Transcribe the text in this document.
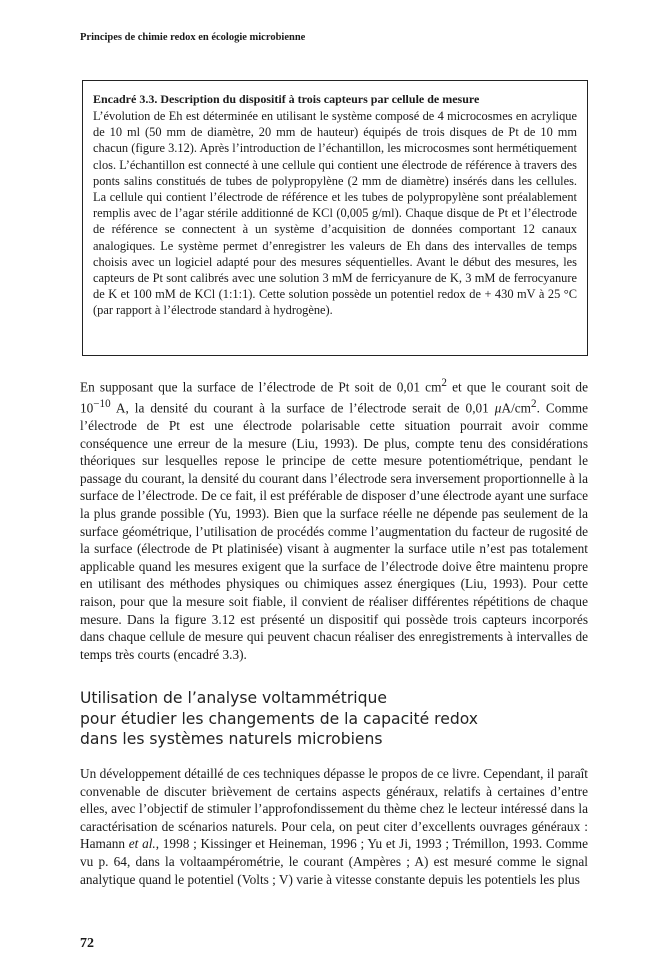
Principes de chimie redox en écologie microbienne
Encadré 3.3. Description du dispositif à trois capteurs par cellule de mesure

L’évolution de Eh est déterminée en utilisant le système composé de 4 microcosmes en acrylique de 10 ml (50 mm de diamètre, 20 mm de hauteur) équipés de trois disques de Pt de 10 mm chacun (figure 3.12). Après l’introduction de l’échantillon, les microcosmes sont hermétiquement clos. L’échantillon est connecté à une cellule qui contient une électrode de référence à travers des ponts salins constitués de tubes de polypropylène (2 mm de diamètre) insérés dans les cellules. La cellule qui contient l’électrode de référence et les tubes de polypropylène sont préalablement remplis avec de l’agar stérile additionné de KCl (0,005 g/ml). Chaque disque de Pt et l’électrode de référence se connectent à un système d’acquisition de données comportant 12 canaux analogiques. Le système permet d’enregistrer les valeurs de Eh dans des intervalles de temps choisis avec un logiciel adapté pour des mesures séquentielles. Avant le début des mesures, les capteurs de Pt sont calibrés avec une solution 3 mM de ferricyanure de K, 3 mM de ferrocyanure de K et 100 mM de KCl (1:1:1). Cette solution possède un potentiel redox de + 430 mV à 25 °C (par rapport à l’électrode standard à hydrogène).

En supposant que la surface de l’électrode de Pt soit de 0,01 $cm^2$ et que le courant soit de $10^{-10}$ A, la densité du courant à la surface de l’électrode serait de 0,01 $\mu A/cm^2$. Comme l’électrode de Pt est une électrode polarisable cette situation pourrait avoir comme conséquence une erreur de la mesure (Liu, 1993). De plus, compte tenu des considérations théoriques sur lesquelles repose le principe de cette mesure potentiométrique, pendant le passage du courant, la densité du courant dans l’électrode sera inversement proportionnelle à la surface de l’électrode. De ce fait, il est préférable de disposer d’une électrode ayant une surface la plus grande possible (Yu, 1993). Bien que la surface réelle ne dépende pas seulement de la surface géométrique, l’utilisation de procédés comme l’augmentation du facteur de rugosité de la surface (électrode de Pt platinisée) visant à augmenter la surface utile n’est pas totalement applicable quand les mesures exigent que la surface de l’électrode doive être maintenu propre en utilisant des méthodes physiques ou chimiques assez énergiques (Liu, 1993). Pour cette raison, pour que la mesure soit fiable, il convient de réaliser différentes répétitions de chaque mesure. Dans la figure 3.12 est présenté un dispositif qui possède trois capteurs incorporés dans chaque cellule de mesure qui peuvent chacun réaliser des enregistrements à intervalles de temps très courts (encadré 3.3).

Utilisation de l’analyse voltammétrique
pour étudier les changements de la capacité redox
dans les systèmes naturels microbiens

Un développement détaillé de ces techniques dépasse le propos de ce livre. Cependant, il paraît convenable de discuter brièvement de certains aspects généraux, relatifs à certaines d’entre elles, avec l’objectif de stimuler l’approfondissement du thème chez le lecteur intéressé dans la caractérisation de scénarios naturels. Pour cela, on peut citer d’excellents ouvrages généraux : Hamann et al., 1998 ; Kissinger et Heineman, 1996 ; Yu et Ji, 1993 ; Trémillon, 1993. Comme vu p. 64, dans la voltaampérométrie, le courant (Ampères ; A) est mesuré comme le signal analytique quand le potentiel (Volts ; V) varie à vitesse constante depuis les potentiels les plus

72
